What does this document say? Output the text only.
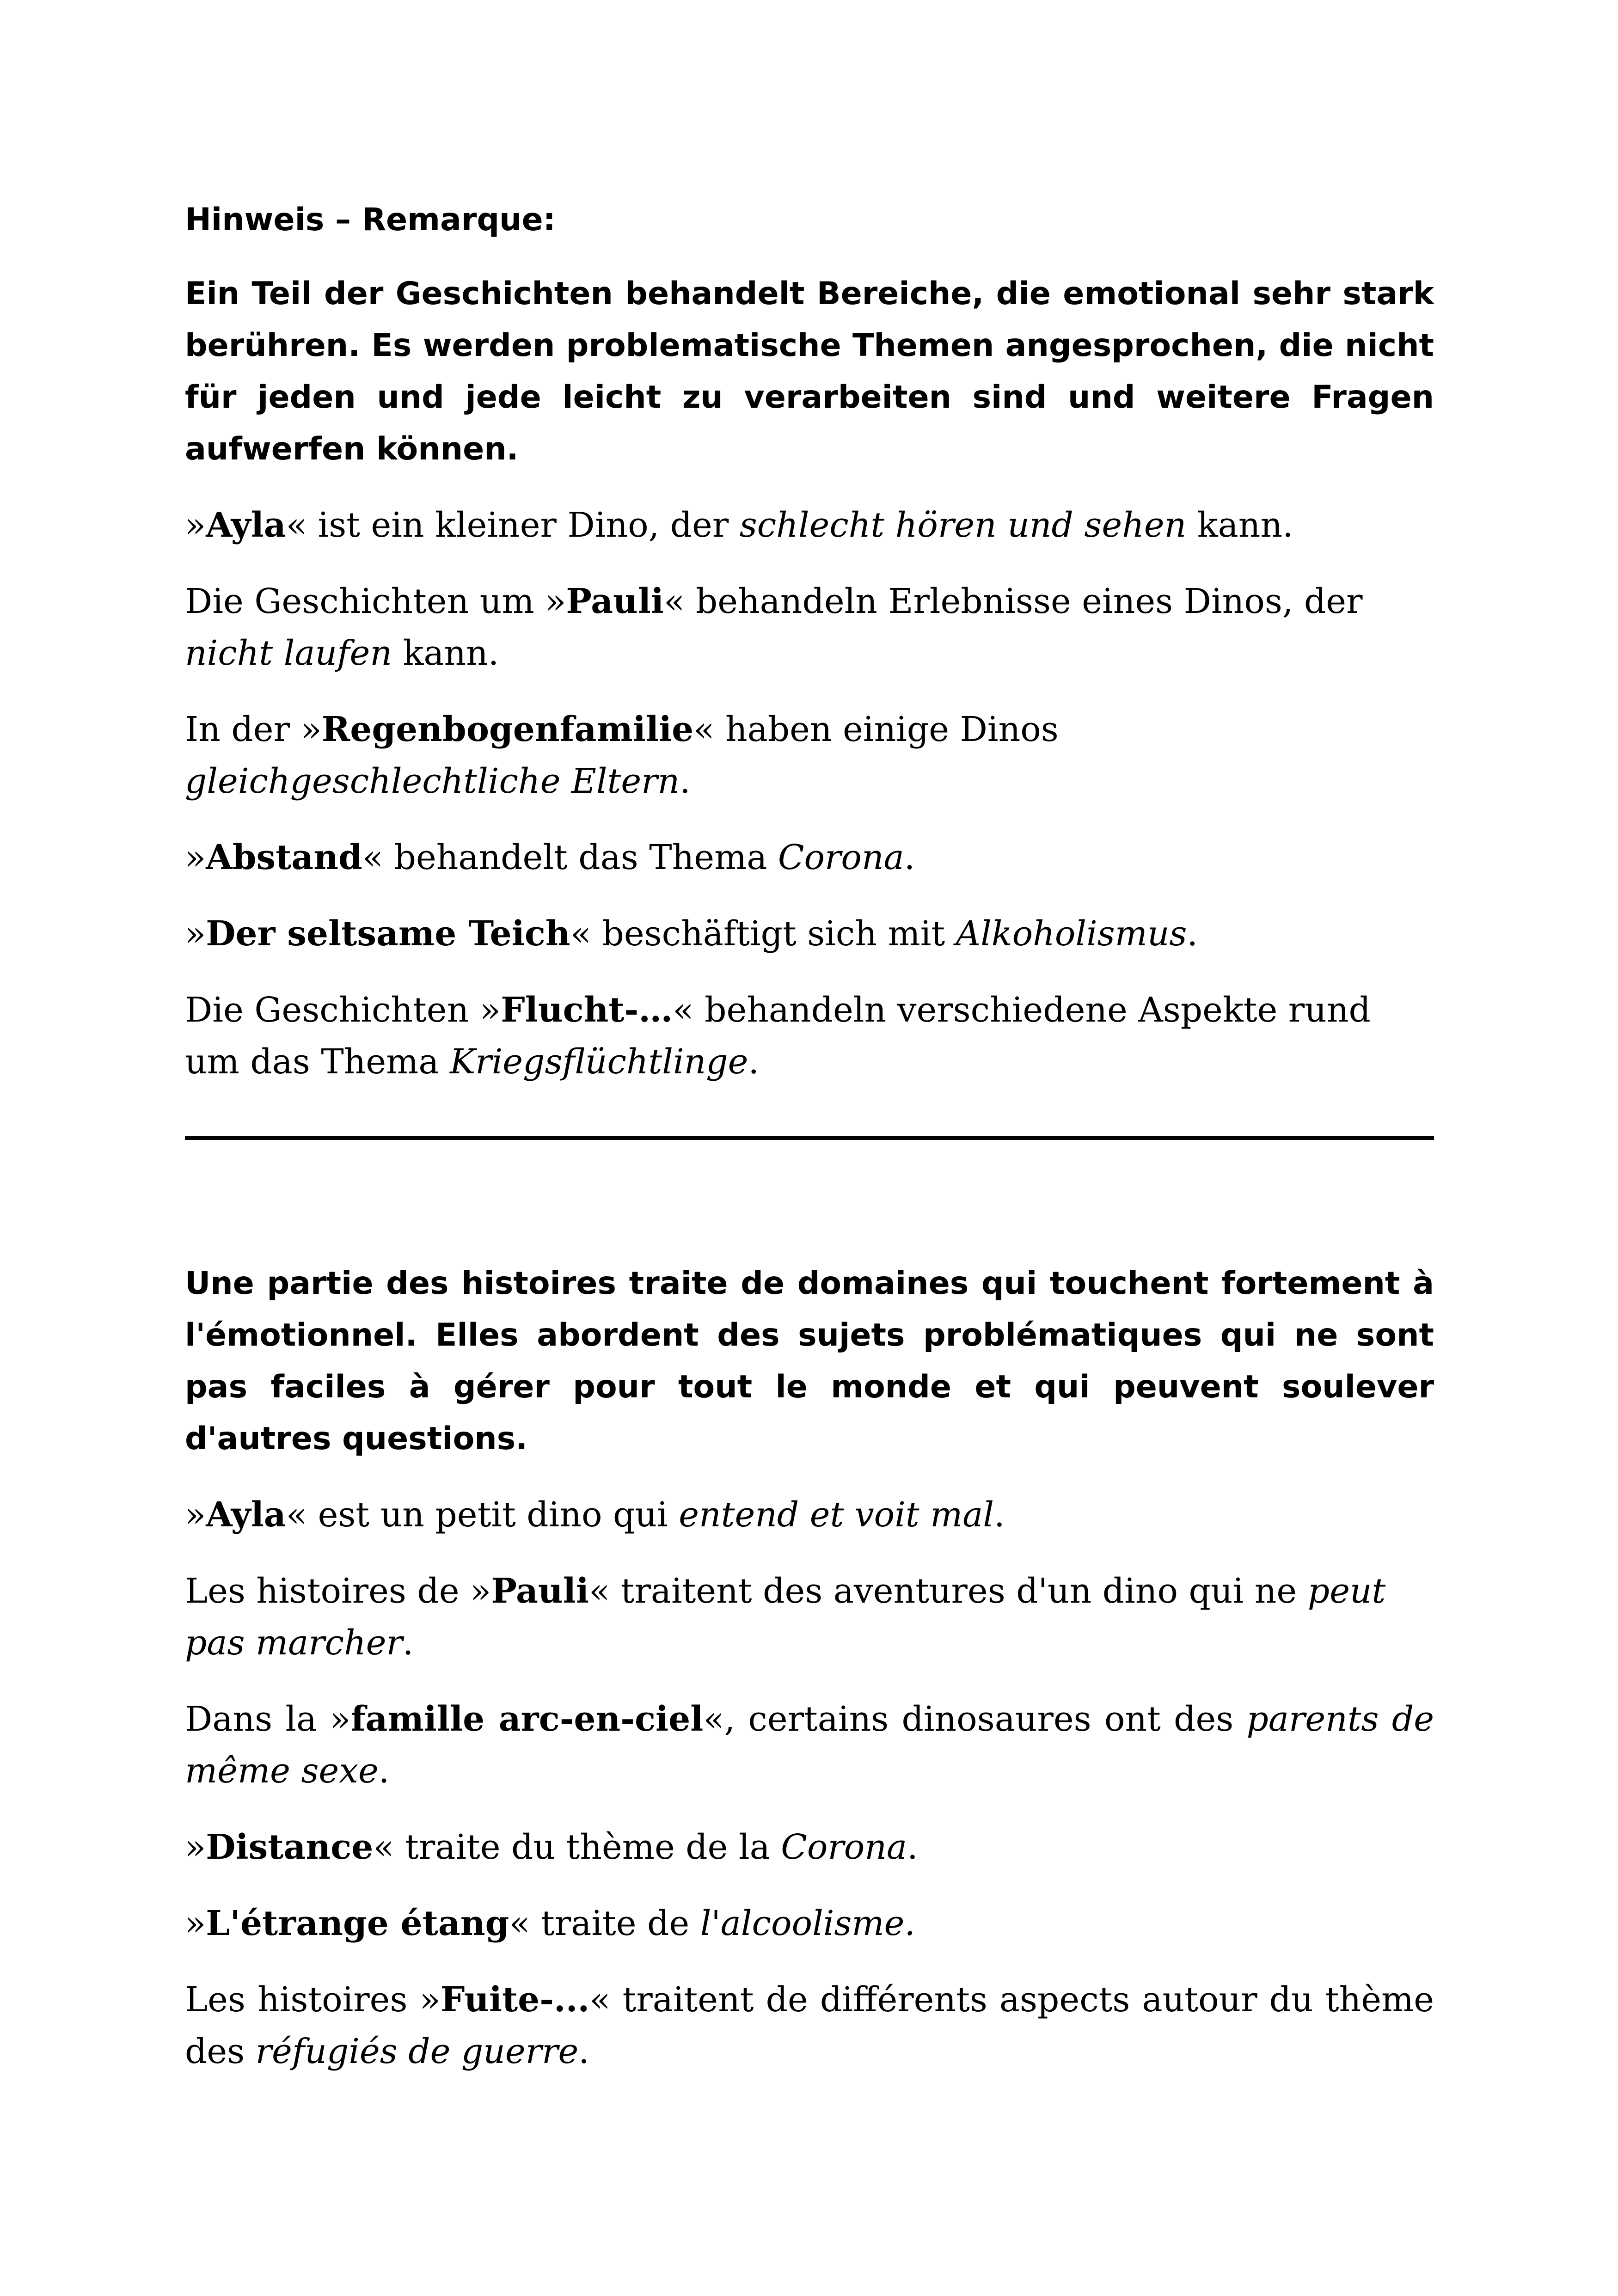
Hinweis – Remarque:

Ein Teil der Geschichten behandelt Bereiche, die emotional sehr stark berühren. Es werden problematische Themen angesprochen, die nicht für jeden und jede leicht zu verarbeiten sind und weitere Fragen aufwerfen können.

»Ayla« ist ein kleiner Dino, der schlecht hören und sehen kann.

Die Geschichten um »Pauli« behandeln Erlebnisse eines Dinos, der nicht laufen kann.

In der »Regenbogenfamilie« haben einige Dinos gleichgeschlechtliche Eltern.

»Abstand« behandelt das Thema Corona.

»Der seltsame Teich« beschäftigt sich mit Alkoholismus.

Die Geschichten »Flucht-…« behandeln verschiedene Aspekte rund um das Thema Kriegsflüchtlinge.

Une partie des histoires traite de domaines qui touchent fortement à l'émotionnel. Elles abordent des sujets problématiques qui ne sont pas faciles à gérer pour tout le monde et qui peuvent soulever d'autres questions.

»Ayla« est un petit dino qui entend et voit mal.

Les histoires de »Pauli« traitent des aventures d'un dino qui ne peut pas marcher.

Dans la »famille arc-en-ciel«, certains dinosaures ont des parents de même sexe.

»Distance« traite du thème de la Corona.

»L'étrange étang« traite de l'alcoolisme.

Les histoires »Fuite-...« traitent de différents aspects autour du thème des réfugiés de guerre.
